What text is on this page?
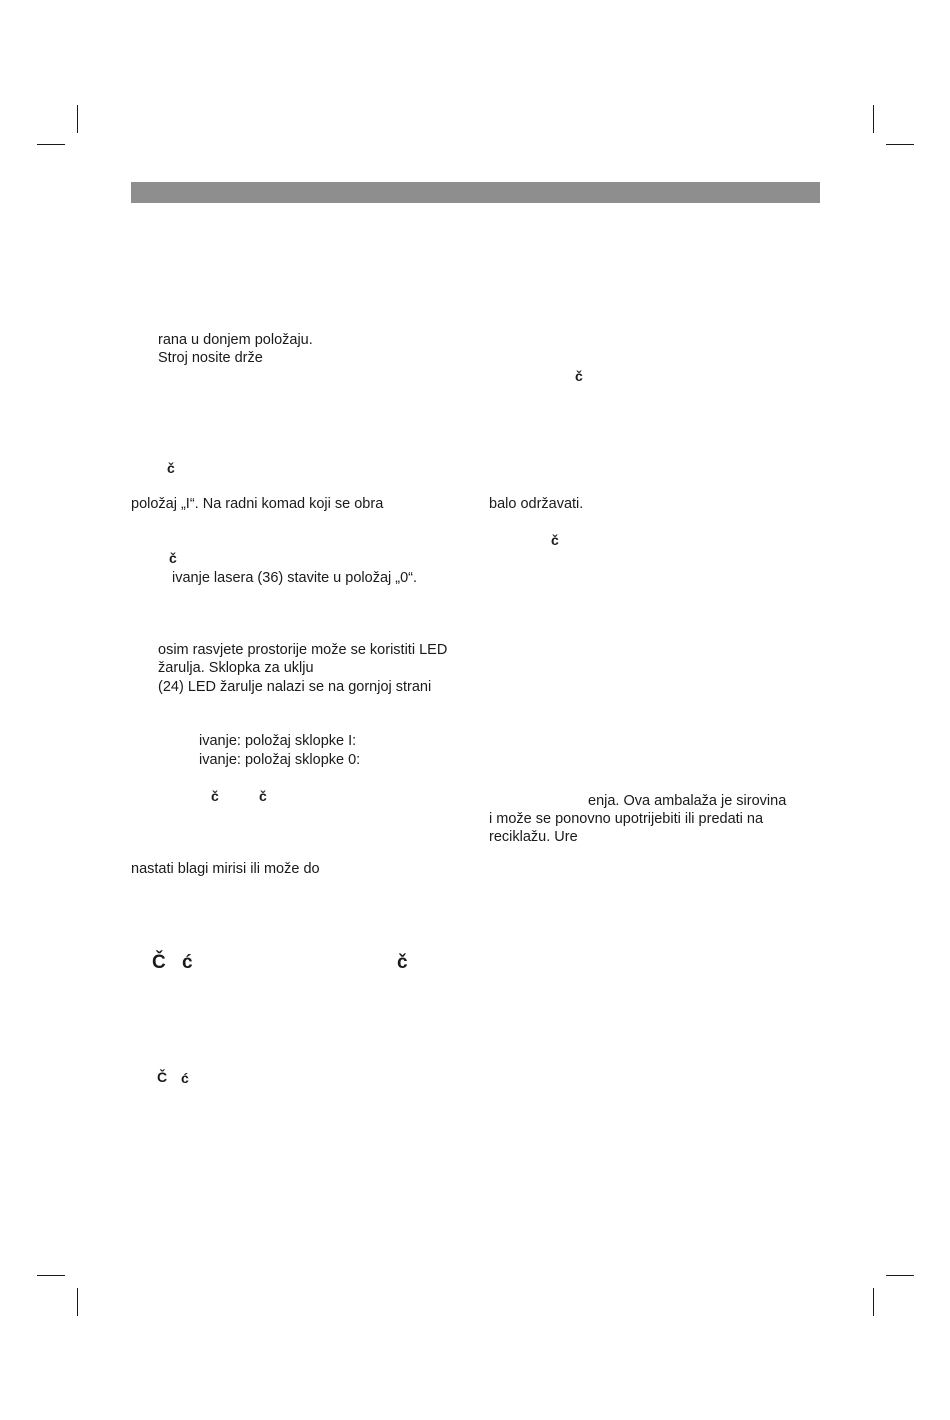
rana u donjem položaju.
Stroj nosite drže
č
položaj „I“. Na radni komad koji se obra
č
ivanje lasera (36) stavite u položaj „0“.
osim rasvjete prostorije može se koristiti LED
žarulja. Sklopka za uklju
(24) LED žarulje nalazi se na gornjoj strani
ivanje: položaj sklopke I:
ivanje: položaj sklopke 0:
č	č
nastati blagi mirisi ili može do
Č ć	č
Č ć
č
balo održavati.
č
enja. Ova ambalaža je sirovina
i može se ponovno upotrijebiti ili predati na
reciklažu. Ure
